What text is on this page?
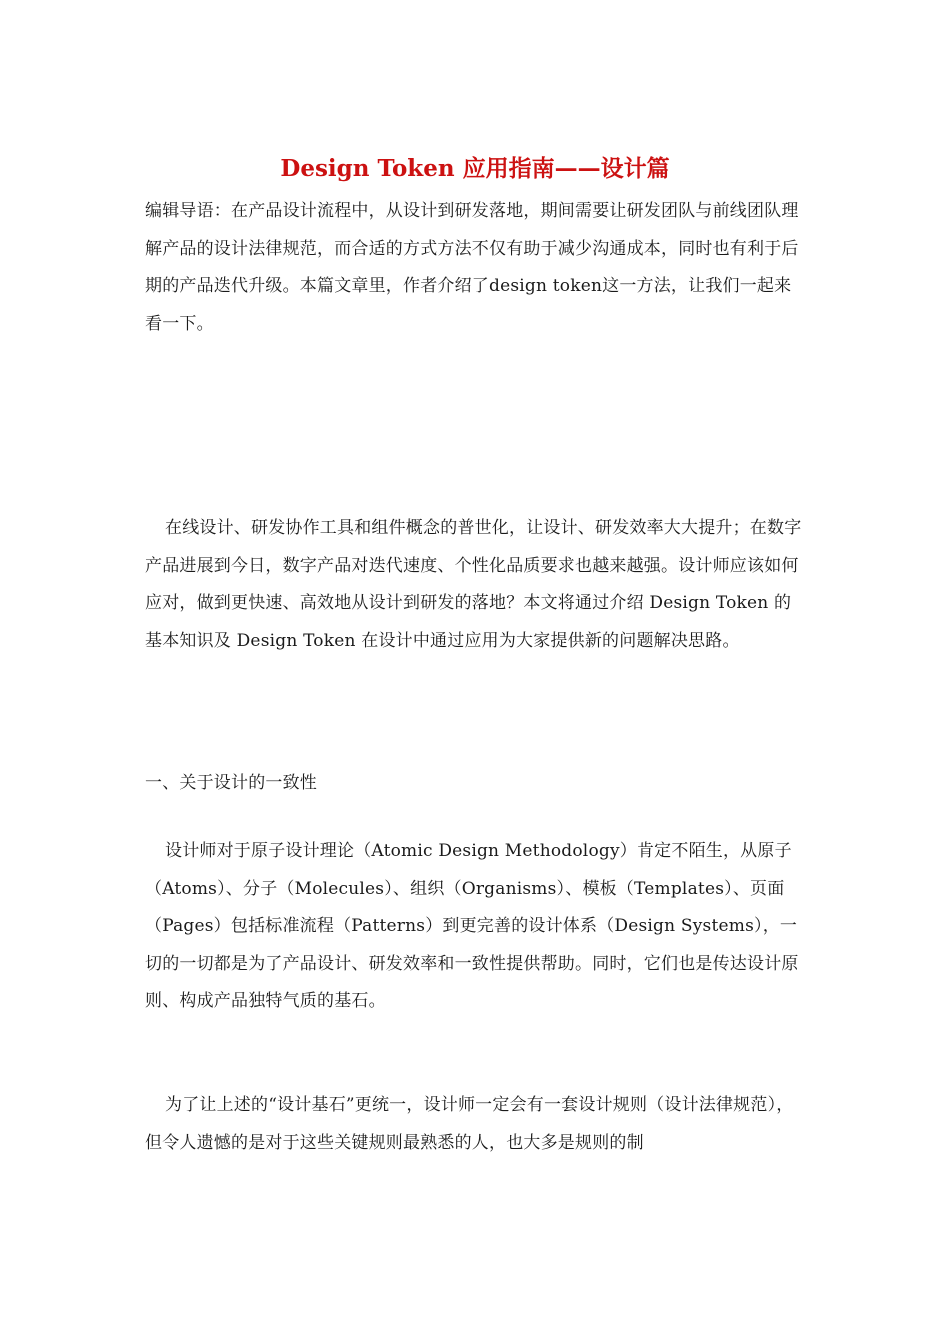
Design Token 应用指南——设计篇

编辑导语：在产品设计流程中，从设计到研发落地，期间需要让研发团队与前线团队理解产品的设计法律规范，而合适的方式方法不仅有助于减少沟通成本，同时也有利于后期的产品迭代升级。本篇文章里，作者介绍了design token这一方法，让我们一起来看一下。

在线设计、研发协作工具和组件概念的普世化，让设计、研发效率大大提升；在数字产品进展到今日，数字产品对迭代速度、个性化品质要求也越来越强。设计师应该如何应对，做到更快速、高效地从设计到研发的落地？本文将通过介绍 Design Token 的基本知识及 Design Token 在设计中通过应用为大家提供新的问题解决思路。

一、关于设计的一致性

设计师对于原子设计理论（Atomic Design Methodology）肯定不陌生，从原子（Atoms）、分子（Molecules）、组织（Organisms）、模板（Templates）、页面（Pages）包括标准流程（Patterns）到更完善的设计体系（Design Systems），一切的一切都是为了产品设计、研发效率和一致性提供帮助。同时，它们也是传达设计原则、构成产品独特气质的基石。

为了让上述的“设计基石”更统一，设计师一定会有一套设计规则（设计法律规范），但令人遗憾的是对于这些关键规则最熟悉的人，也大多是规则的制
